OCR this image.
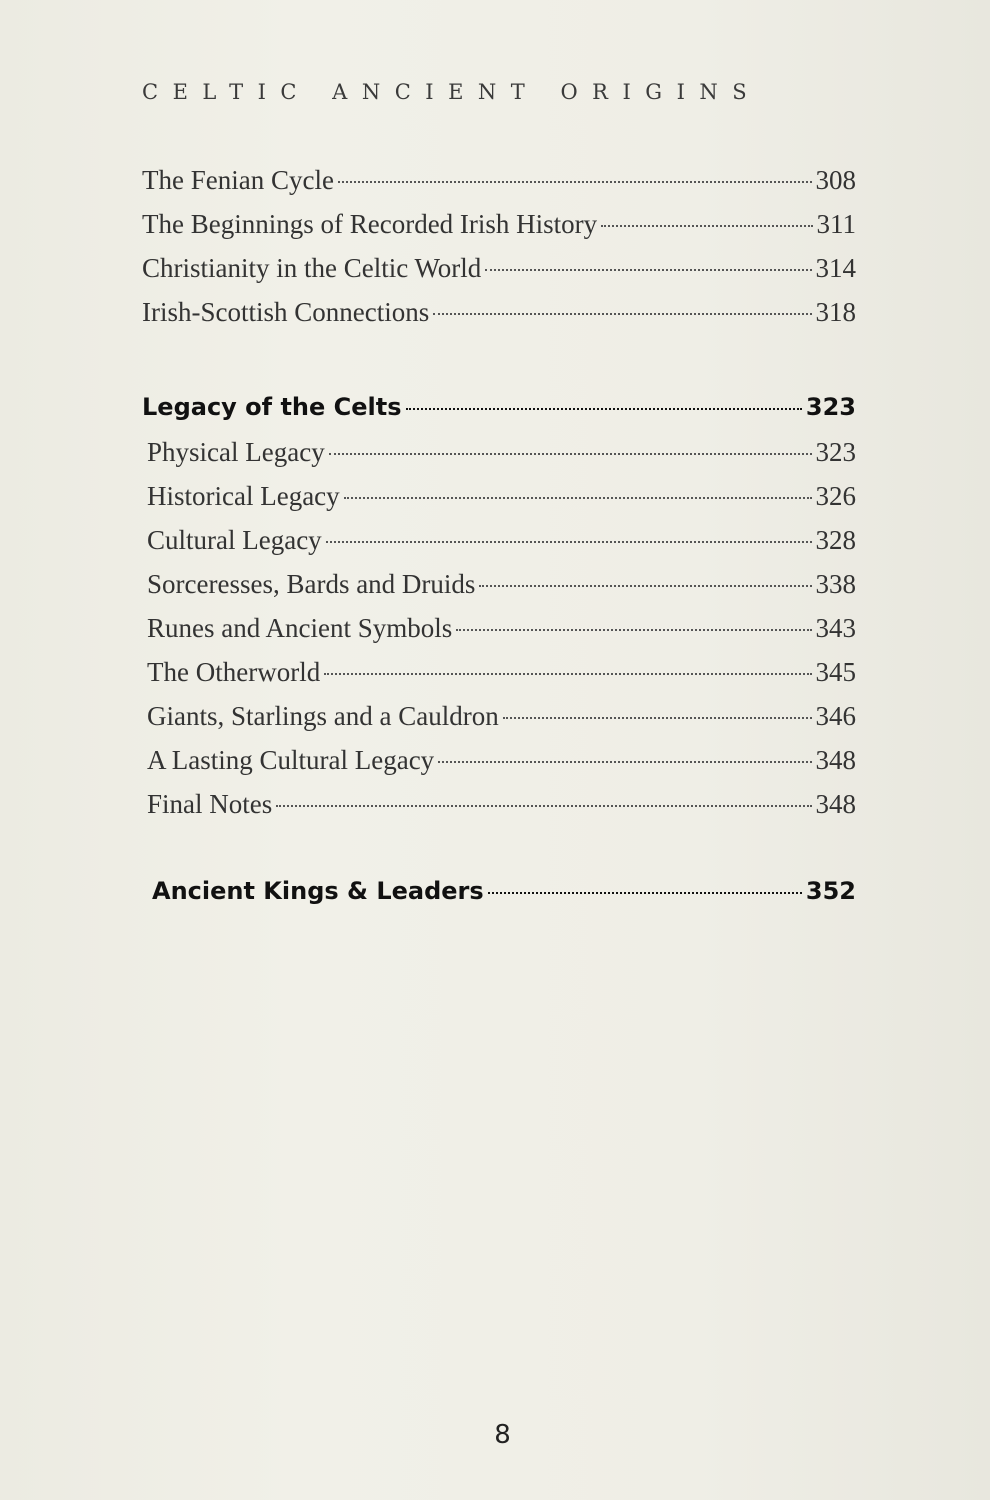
CELTIC ANCIENT ORIGINS
The Fenian Cycle	308
The Beginnings of Recorded Irish History	311
Christianity in the Celtic World	314
Irish-Scottish Connections	318
Legacy of the Celts	323
Physical Legacy	323
Historical Legacy	326
Cultural Legacy	328
Sorceresses, Bards and Druids	338
Runes and Ancient Symbols	343
The Otherworld	345
Giants, Starlings and a Cauldron	346
A Lasting Cultural Legacy	348
Final Notes	348
Ancient Kings & Leaders	352
8
